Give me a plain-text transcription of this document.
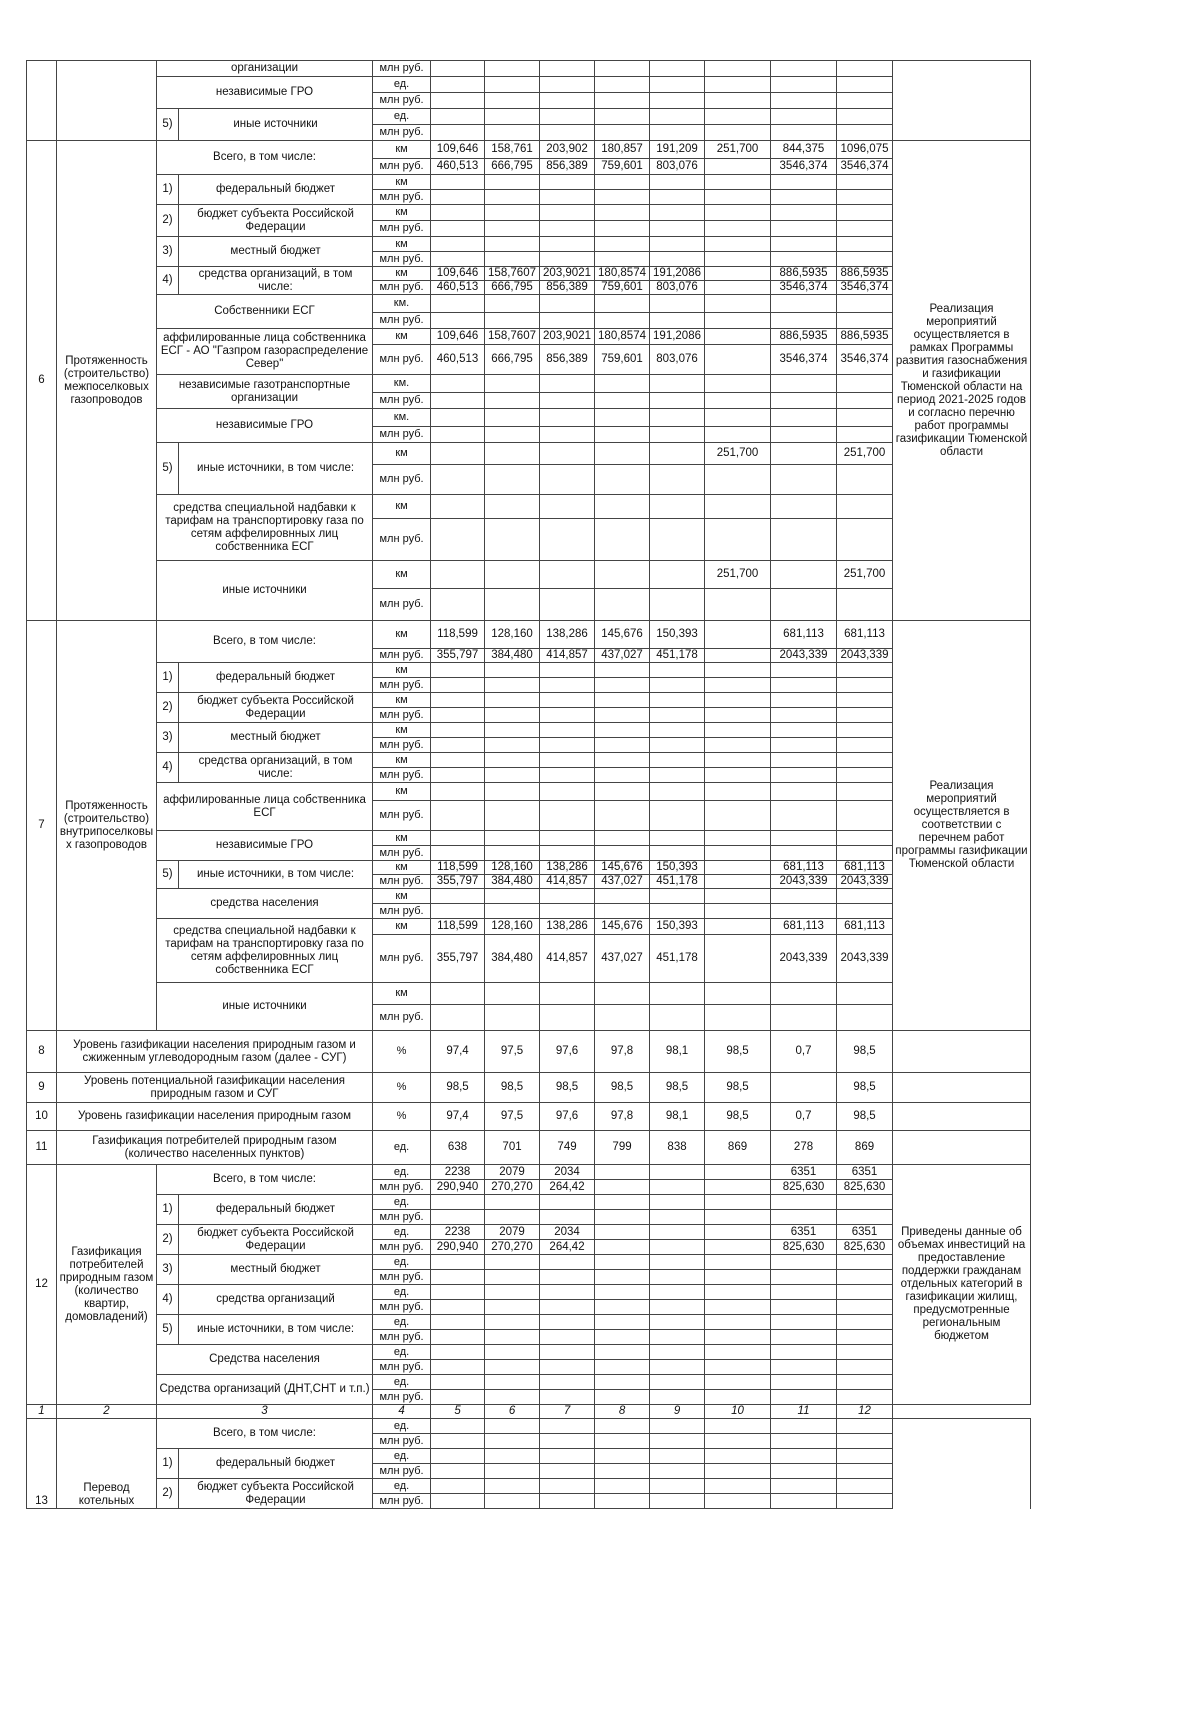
		организации		млн руб.										
		независимые ГРО		ед.										
				млн руб.										
		5)	иные источники	ед.										
				млн руб.										
6	Протяженность (строительство) межпоселковых газопроводов	Всего, в том числе:		км	109,646	158,761	203,902	180,857	191,209	251,700	844,375	1096,075	Реализация мероприятий осуществляется в рамках Программы развития газоснабжения и газификации Тюменской области на период 2021-2025 годов и согласно перечню работ программы газификации Тюменской области	
				млн руб.	460,513	666,795	856,389	759,601	803,076		3546,374	3546,374		
		1)	федеральный бюджет	км										
				млн руб.										
		2)	бюджет субъекта Российской Федерации	км										
				млн руб.										
		3)	местный бюджет	км										
				млн руб.										
		4)	средства организаций, в том числе:	км	109,646	158,7607	203,9021	180,8574	191,2086		886,5935	886,5935		
				млн руб.	460,513	666,795	856,389	759,601	803,076		3546,374	3546,374		
		Собственники ЕСГ		км.										
				млн руб.										
		аффилированные лица собственника ЕСГ - АО "Газпром газораспределение Север"		км	109,646	158,7607	203,9021	180,8574	191,2086		886,5935	886,5935		
				млн руб.	460,513	666,795	856,389	759,601	803,076		3546,374	3546,374		
		независимые газотранспортные организации		км.										
				млн руб.										
		независимые ГРО		км.										
				млн руб.										
		5)	иные источники, в том числе:	км						251,700		251,700		
				млн руб.										
		средства специальной надбавки к тарифам на транспортировку газа по сетям аффелировнных лиц собственника ЕСГ		км										
				млн руб.										
		иные источники		км						251,700		251,700		
				млн руб.										
7	Протяженность (строительство) внутрипоселковы х газопроводов	Всего, в том числе:		км	118,599	128,160	138,286	145,676	150,393		681,113	681,113	Реализация мероприятий осуществляется в соответствии с перечнем работ программы газификации Тюменской области	
				млн руб.	355,797	384,480	414,857	437,027	451,178		2043,339	2043,339		
		1)	федеральный бюджет	км										
				млн руб.										
		2)	бюджет субъекта Российской Федерации	км										
				млн руб.										
		3)	местный бюджет	км										
				млн руб.										
		4)	средства организаций, в том числе:	км										
				млн руб.										
		аффилированные лица собственника ЕСГ		км										
				млн руб.										
		независимые ГРО		км										
				млн руб.										
		5)	иные источники, в том числе:	км	118,599	128,160	138,286	145,676	150,393		681,113	681,113		
				млн руб.	355,797	384,480	414,857	437,027	451,178		2043,339	2043,339		
		средства населения		км										
				млн руб.										
		средства специальной надбавки к тарифам на транспортировку газа по сетям аффелировнных лиц собственника ЕСГ		км	118,599	128,160	138,286	145,676	150,393		681,113	681,113		
				млн руб.	355,797	384,480	414,857	437,027	451,178		2043,339	2043,339		
		иные источники		км										
				млн руб.										
8	Уровень газификации населения природным газом и сжиженным углеводородным газом (далее - СУГ)			%	97,4	97,5	97,6	97,8	98,1	98,5	0,7	98,5		
9	Уровень потенциальной газификации населения природным газом и СУГ			%	98,5	98,5	98,5	98,5	98,5	98,5		98,5		
10	Уровень газификации населения природным газом			%	97,4	97,5	97,6	97,8	98,1	98,5	0,7	98,5		
11	Газификация потребителей природным газом (количество населенных пунктов)			ед.	638	701	749	799	838	869	278	869		
12	Газификация потребителей природным газом (количество квартир, домовладений)	Всего, в том числе:		ед.	2238	2079	2034				6351	6351	Приведены данные об объемах инвестиций на предоставление поддержки гражданам отдельных категорий в газификации жилищ, предусмотренные региональным бюджетом	
				млн руб.	290,940	270,270	264,42				825,630	825,630		
		1)	федеральный бюджет	ед.										
				млн руб.										
		2)	бюджет субъекта Российской Федерации	ед.	2238	2079	2034				6351	6351		
				млн руб.	290,940	270,270	264,42				825,630	825,630		
		3)	местный бюджет	ед.										
				млн руб.										
		4)	средства организаций	ед.										
				млн руб.										
		5)	иные источники, в том числе:	ед.										
				млн руб.										
		Средства населения		ед.										
				млн руб.										
		Средства организаций (ДНТ,СНТ и т.п.)		ед.										
				млн руб.										
1	2	3		4	5	6	7	8	9	10	11	12		
13	Перевод котельных	Всего, в том числе:		ед.										
				млн руб.										
		1)	федеральный бюджет	ед.										
				млн руб.										
		2)	бюджет субъекта Российской Федерации	ед.										
				млн руб.										
